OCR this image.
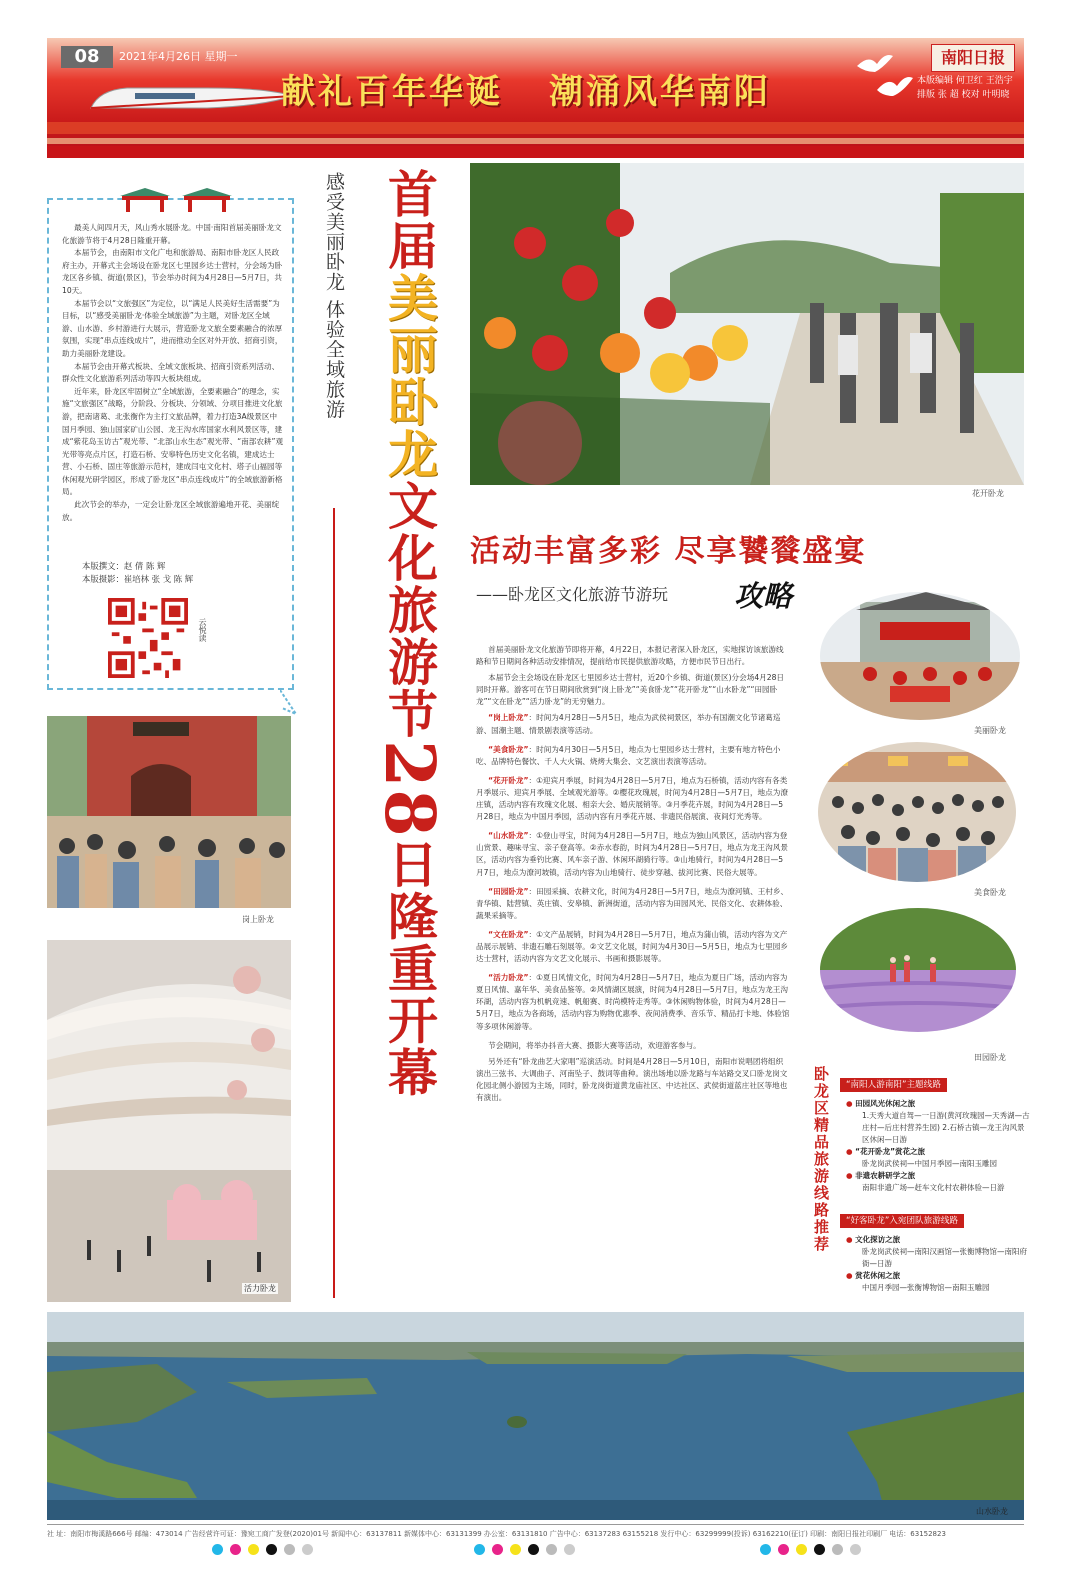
08	2021年4月26日 星期一
献礼百年华诞 潮涌风华南阳
南阳日报
本版编辑 何卫红 王浩宇 排版 张 超 校对 叶明晓

最美人间四月天，风山秀水展卧龙。中国·南阳首届美丽卧龙文化旅游节将于4月28日隆重开幕。

本届节会，由南阳市文化广电和旅游局、南阳市卧龙区人民政府主办，开幕式主会场设在卧龙区七里园乡达士营村，分会场为卧龙区各乡镇、街道(景区)，节会举办时间为4月28日—5月7日，共10天。

本届节会以“文旅强区”为定位，以“满足人民美好生活需要”为目标，以“感受美丽卧龙·体验全域旅游”为主题，对卧龙区全域游、山水游、乡村游进行大展示，营造卧龙文旅全要素融合的浓厚氛围，实现“串点连线成片”，进而推动全区对外开放、招商引资，助力美丽卧龙建设。

本届节会由开幕式板块、全域文旅板块、招商引资系列活动、群众性文化旅游系列活动等四大板块组成。

近年来，卧龙区牢固树立“全域旅游，全要素融合”的理念，实施“文旅强区”战略，分阶段、分板块、分领域、分项目推进文化旅游，把南诸葛、北张衡作为主打文旅品牌，着力打造3A级景区中国月季园、独山国家矿山公园、龙王沟水库国家水利风景区等，建成“紫花岛玉访古”观光带、“北部山水生态”观光带、“南部农耕”观光带等亮点片区，打造石桥、安皋特色历史文化名镇，建成达士营、小石桥、固庄等旅游示范村，建成闫屯文化村、塔子山福园等休闲观光研学园区，形成了卧龙区“串点连线成片”的全域旅游新格局。

此次节会的举办，一定会让卧龙区全域旅游遍地开花、美丽绽放。

本版撰文：赵 倩 陈 辉
本版摄影：崔培林 张 戈 陈 辉
云悦读
感受美丽卧龙 体验全域旅游 首届美丽卧龙文化旅游节28日隆重开幕
花开卧龙
岗上卧龙
活力卧龙
美丽卧龙
美食卧龙
田园卧龙
山水卧龙
活动丰富多彩 尽享饕餮盛宴
——卧龙区文化旅游节游玩 攻略

首届美丽卧龙文化旅游节即将开幕，4月22日，本报记者深入卧龙区，实地探访该旅游线路和节日期间各种活动安排情况，提前给市民提供旅游攻略，方便市民节日出行。

本届节会主会场设在卧龙区七里园乡达士营村，近20个乡镇、街道(景区)分会场4月28日同时开幕。游客可在节日期间欣赏到“岗上卧龙”“美食卧龙”“花开卧龙”“山水卧龙”“田园卧龙”“文在卧龙”“活力卧龙”的无穷魅力。

“岗上卧龙”：时间为4月28日—5月5日，地点为武侯祠景区，举办有国潮文化节诸葛巡游、国潮主题、情景剧表演等活动。
“美食卧龙”：时间为4月30日—5月5日，地点为七里园乡达士营村，主要有地方特色小吃、品牌特色餐饮、千人大火锅、烧烤大集会、文艺演出表演等活动。
“花开卧龙”：①迎宾月季展，时间为4月28日—5月7日，地点为石桥镇，活动内容有各类月季展示、迎宾月季展、全域观光游等。②樱花玫瑰展，时间为4月28日—5月7日，地点为潦庄镇，活动内容有玫瑰文化展、相亲大会、婚庆展销等。③月季花卉展，时间为4月28日—5月28日，地点为中国月季园，活动内容有月季花卉展、非遗民俗展演、夜间灯光秀等。
“山水卧龙”：①登山寻宝，时间为4月28日—5月7日，地点为独山风景区，活动内容为登山赏景、趣味寻宝、亲子登高等。②赤水春韵，时间为4月28日—5月7日，地点为龙王沟风景区，活动内容为垂钓比赛、风车亲子游、休闲环湖骑行等。③山地骑行，时间为4月28日—5月7日，地点为潦河坡镇，活动内容为山地骑行、徒步穿越、拔河比赛、民俗大展等。
“田园卧龙”：田园采摘、农耕文化，时间为4月28日—5月7日，地点为潦河镇、王村乡、青华镇、陆营镇、英庄镇、安皋镇、新洲街道，活动内容为田园风光、民俗文化、农耕体验、蔬果采摘等。
“文在卧龙”：①文产品展销，时间为4月28日—5月7日，地点为蒲山镇，活动内容为文产品展示展销、非遗石雕石刻展等。②文艺文化展，时间为4月30日—5月5日，地点为七里园乡达士营村，活动内容为文艺文化展示、书画和摄影展等。
“活力卧龙”：①夏日风情文化，时间为4月28日—5月7日，地点为夏日广场，活动内容为夏日风情、嘉年华、美食品鉴等。②风情湖区展演，时间为4月28日—5月7日，地点为龙王沟环湖，活动内容为机帆竞速、帆船赛、时尚模特走秀等。③休闲购物体验，时间为4月28日—5月7日，地点为各商场，活动内容为购物优惠季、夜间消费季、音乐节、精品打卡地、体验馆等多项休闲游等。

节会期间，将举办抖音大赛、摄影大赛等活动，欢迎游客参与。

另外还有“卧龙曲艺大家唱”巡演活动。时间是4月28日—5月10日，南阳市说唱团将组织演出三弦书、大调曲子、河南坠子、鼓词等曲种。演出场地以卧龙路与车站路交叉口卧龙岗文化园北侧小游园为主场，同时，卧龙岗街道黄龙庙社区、中达社区、武侯街道蓝庄社区等地也有演出。	卧龙区精品旅游线路推荐	“南阳人游南阳”主题线路
● 田园风光休闲之旅
1.天秀大道自驾—一日游(黄河玫瑰园—天秀湖—古庄村—后庄村营养生园) 2.石桥古镇—龙王沟风景区休闲—日游
● “花开卧龙”赏花之旅
卧龙岗武侯祠—中国月季园—南阳玉雕园
● 非遗农耕研学之旅
南阳非遗广场—赶车文化村农耕体验—日游
“好客卧龙”入宛团队旅游线路
● 文化探访之旅
卧龙岗武侯祠—南阳汉画馆—张衡博物馆—南阳府衙—日游
● 赏花休闲之旅
中国月季园—张衡博物馆—南阳玉雕园
社 址：南阳市梅溪路666号 邮编：473014 广告经营许可证：豫宛工商广发登(2020)01号 新闻中心：63137811 新媒体中心：63131399 办公室：63131810 广告中心：63137283 63155218 发行中心：63299999(投诉) 63162210(征订) 印刷：南阳日报社印刷厂 电话：63152823
